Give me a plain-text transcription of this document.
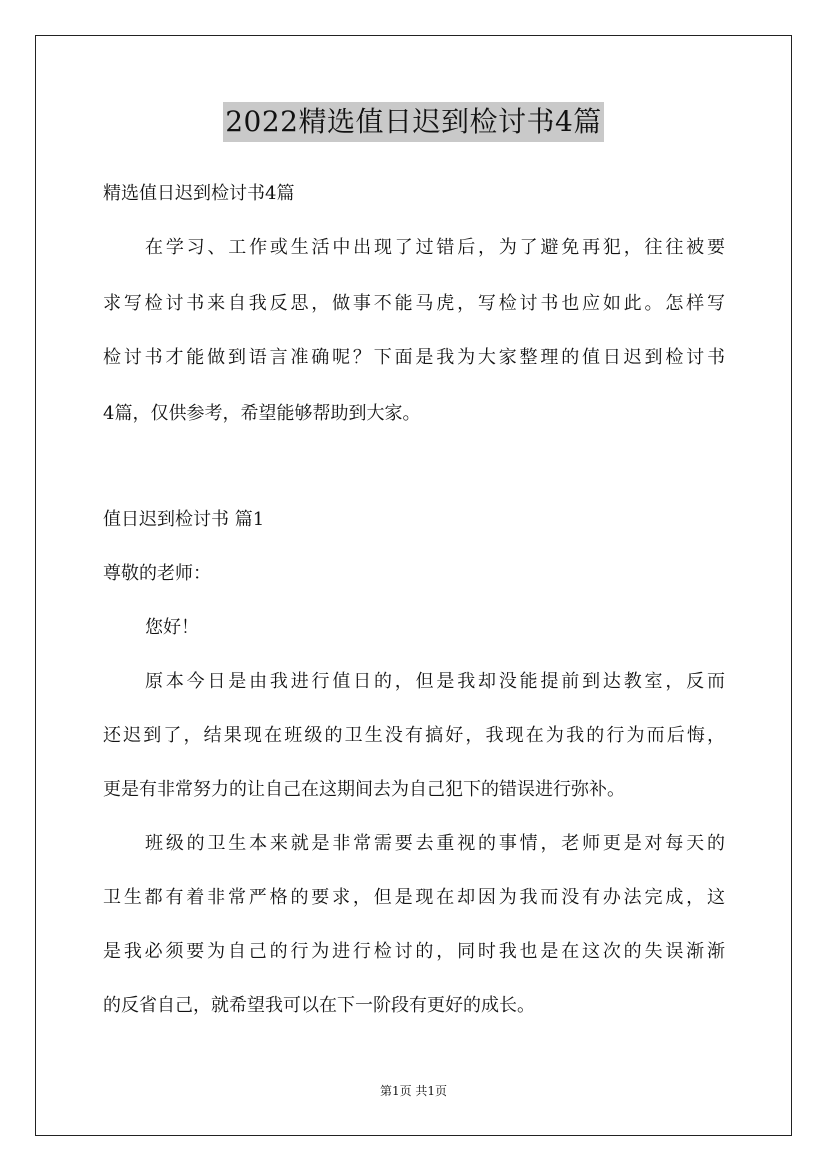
2022精选值日迟到检讨书4篇
精选值日迟到检讨书4篇
在学习、工作或生活中出现了过错后，为了避免再犯，往往被要
求写检讨书来自我反思，做事不能马虎，写检讨书也应如此。怎样写
检讨书才能做到语言准确呢？下面是我为大家整理的值日迟到检讨书
4篇，仅供参考，希望能够帮助到大家。
值日迟到检讨书 篇1
尊敬的老师：
您好！
原本今日是由我进行值日的，但是我却没能提前到达教室，反而
还迟到了，结果现在班级的卫生没有搞好，我现在为我的行为而后悔，
更是有非常努力的让自己在这期间去为自己犯下的错误进行弥补。
班级的卫生本来就是非常需要去重视的事情，老师更是对每天的
卫生都有着非常严格的要求，但是现在却因为我而没有办法完成，这
是我必须要为自己的行为进行检讨的，同时我也是在这次的失误渐渐
的反省自己，就希望我可以在下一阶段有更好的成长。
第1页 共1页
